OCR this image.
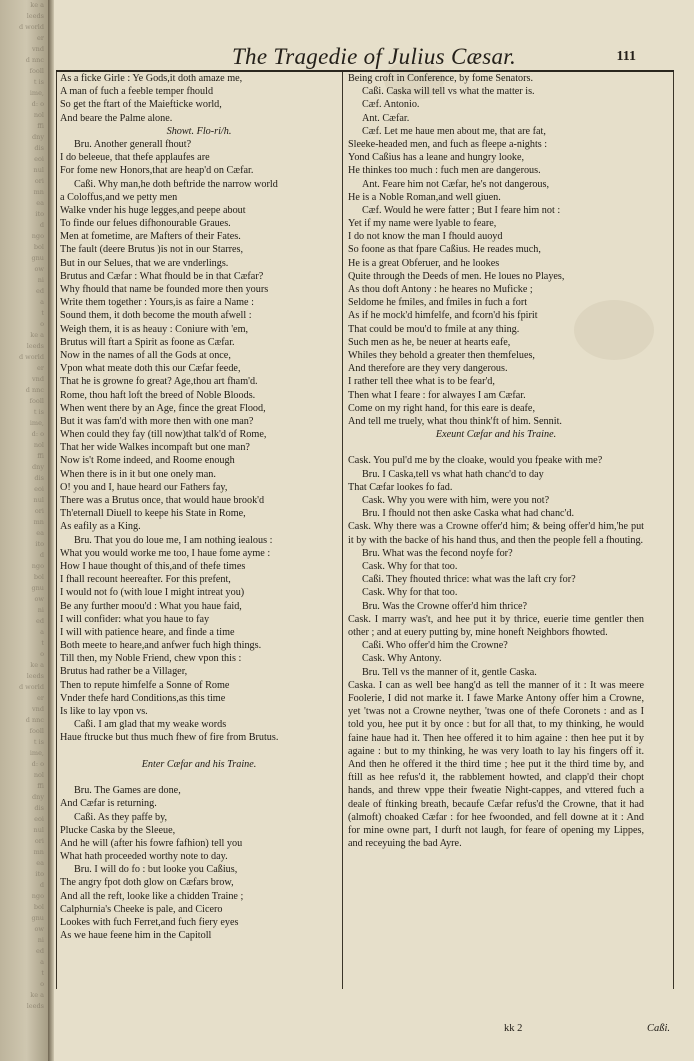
ke a
leeds
d world
er
vnd
d nnc
fooll
t is
ime,
d: o
nol
ffi
dny
dis
eoi
nul
ori
mn
ea
ito
d
ngo
bol
gnu
ow
ni
ed
a
t
o
ke a
leeds
d world
er
vnd
d nnc
fooll
t is
ime,
d: o
nol
ffi
dny
dis
eoi
nul
ori
mn
ea
ito
d
ngo
bol
gnu
ow
ni
ed
a
t
o
ke a
leeds
d world
er
vnd
d nnc
fooll
t is
ime,
d: o
nol
ffi
dny
dis
eoi
nul
ori
mn
ea
ito
d
ngo
bol
gnu
ow
ni
ed
a
t
o
ke a
leeds
The Tragedie of Julius Cæsar.	111
As a ficke Girle : Ye Gods,it doth amaze me,
A man of fuch a feeble temper fhould
So get the ftart of the Maiefticke world,
And beare the Palme alone.
Showt. Flo-ri/h.
Bru. Another generall fhout?
I do beleeue, that thefe applaufes are
For fome new Honors,that are heap'd on Cæfar.
Caßi. Why man,he doth beftride the narrow world
a Coloffus,and we petty men
Walke vnder his huge legges,and peepe about
To finde our felues difhonourable Graues.
Men at fometime, are Mafters of their Fates.
The fault (deere Brutus )is not in our Starres,
But in our Selues, that we are vnderlings.
Brutus and Cæfar : What fhould be in that Cæfar?
Why fhould that name be founded more then yours
Write them together : Yours,is as faire a Name :
Sound them, it doth become the mouth afwell :
Weigh them, it is as heauy : Coniure with 'em,
Brutus will ftart a Spirit as foone as Cæfar.
Now in the names of all the Gods at once,
Vpon what meate doth this our Cæfar feede,
That he is growne fo great? Age,thou art fham'd.
Rome, thou haft loft the breed of Noble Bloods.
When went there by an Age, fince the great Flood,
But it was fam'd with more then with one man?
When could they fay (till now)that talk'd of Rome,
That her wide Walkes incompaft but one man?
Now is't Rome indeed, and Roome enough
When there is in it but one onely man.
O! you and I, haue heard our Fathers fay,
There was a Brutus once, that would haue brook'd
Th'eternall Diuell to keepe his State in Rome,
As eafily as a King.
Bru. That you do loue me, I am nothing iealous :
What you would worke me too, I haue fome ayme :
How I haue thought of this,and of thefe times
I fhall recount heereafter. For this prefent,
I would not fo (with loue I might intreat you)
Be any further moou'd : What you haue faid,
I will confider: what you haue to fay
I will with patience heare, and finde a time
Both meete to heare,and anfwer fuch high things.
Till then, my Noble Friend, chew vpon this :
Brutus had rather be a Villager,
Then to repute himfelfe a Sonne of Rome
Vnder thefe hard Conditions,as this time
Is like to lay vpon vs.
Caßi. I am glad that my weake words
Haue ftrucke but thus much fhew of fire from Brutus.
Enter Cæfar and his Traine.
Bru. The Games are done,
And Cæfar is returning.
Caßi. As they paffe by,
Plucke Caska by the Sleeue,
And he will (after his fowre fafhion) tell you
What hath proceeded worthy note to day.
Bru. I will do fo : but looke you Caßius,
The angry fpot doth glow on Cæfars brow,
And all the reft, looke like a chidden Traine ;
Calphurnia's Cheeke is pale, and Cicero
Lookes with fuch Ferret,and fuch fiery eyes
As we haue feene him in the Capitoll
Being croft in Conference, by fome Senators.
Caßi. Caska will tell vs what the matter is.
Cæf. Antonio.
Ant. Cæfar.
Cæf. Let me haue men about me, that are fat,
Sleeke-headed men, and fuch as fleepe a-nights :
Yond Caßius has a leane and hungry looke,
He thinkes too much : fuch men are dangerous.
Ant. Feare him not Cæfar, he's not dangerous,
He is a Noble Roman,and well giuen.
Cæf. Would he were fatter ; But I feare him not :
Yet if my name were lyable to feare,
I do not know the man I fhould auoyd
So foone as that fpare Caßius. He reades much,
He is a great Obferuer, and he lookes
Quite through the Deeds of men. He loues no Playes,
As thou doft Antony : he heares no Muficke ;
Seldome he fmiles, and fmiles in fuch a fort
As if he mock'd himfelfe, and fcorn'd his fpirit
That could be mou'd to fmile at any thing.
Such men as he, be neuer at hearts eafe,
Whiles they behold a greater then themfelues,
And therefore are they very dangerous.
I rather tell thee what is to be fear'd,
Then what I feare : for alwayes I am Cæfar.
Come on my right hand, for this eare is deafe,
And tell me truely, what thou think'ft of him. Sennit.
Exeunt Cæfar and his Traine.
Cask. You pul'd me by the cloake, would you fpeake with me?
Bru. I Caska,tell vs what hath chanc'd to day
That Cæfar lookes fo fad.
Cask. Why you were with him, were you not?
Bru. I fhould not then aske Caska what had chanc'd.
Cask. Why there was a Crowne offer'd him; & being offer'd him,'he put it by with the backe of his hand thus, and then the people fell a fhouting.
Bru. What was the fecond noyfe for?
Cask. Why for that too.
Caßi. They fhouted thrice: what was the laft cry for?
Cask. Why for that too.
Bru. Was the Crowne offer'd him thrice?
Cask. I marry was't, and hee put it by thrice, euerie time gentler then other ; and at euery putting by, mine honeft Neighbors fhowted.
Caßi. Who offer'd him the Crowne?
Cask. Why Antony.
Bru. Tell vs the manner of it, gentle Caska.
Caska. I can as well bee hang'd as tell the manner of it : It was meere Foolerie, I did not marke it. I fawe Marke Antony offer him a Crowne, yet 'twas not a Crowne neyther, 'twas one of thefe Coronets : and as I told you, hee put it by once : but for all that, to my thinking, he would faine haue had it. Then hee offered it to him againe : then hee put it by againe : but to my thinking, he was very loath to lay his fingers off it. And then he offered it the third time ; hee put it the third time by, and ftill as hee refus'd it, the rabblement howted, and clapp'd their chopt hands, and threw vppe their fweatie Night-cappes, and vttered fuch a deale of ftinking breath, becaufe Cæfar refus'd the Crowne, that it had (almoft) choaked Cæfar : for hee fwoonded, and fell downe at it : And for mine owne part, I durft not laugh, for feare of opening my Lippes, and receyuing the bad Ayre.
kk 2	Caßi.
